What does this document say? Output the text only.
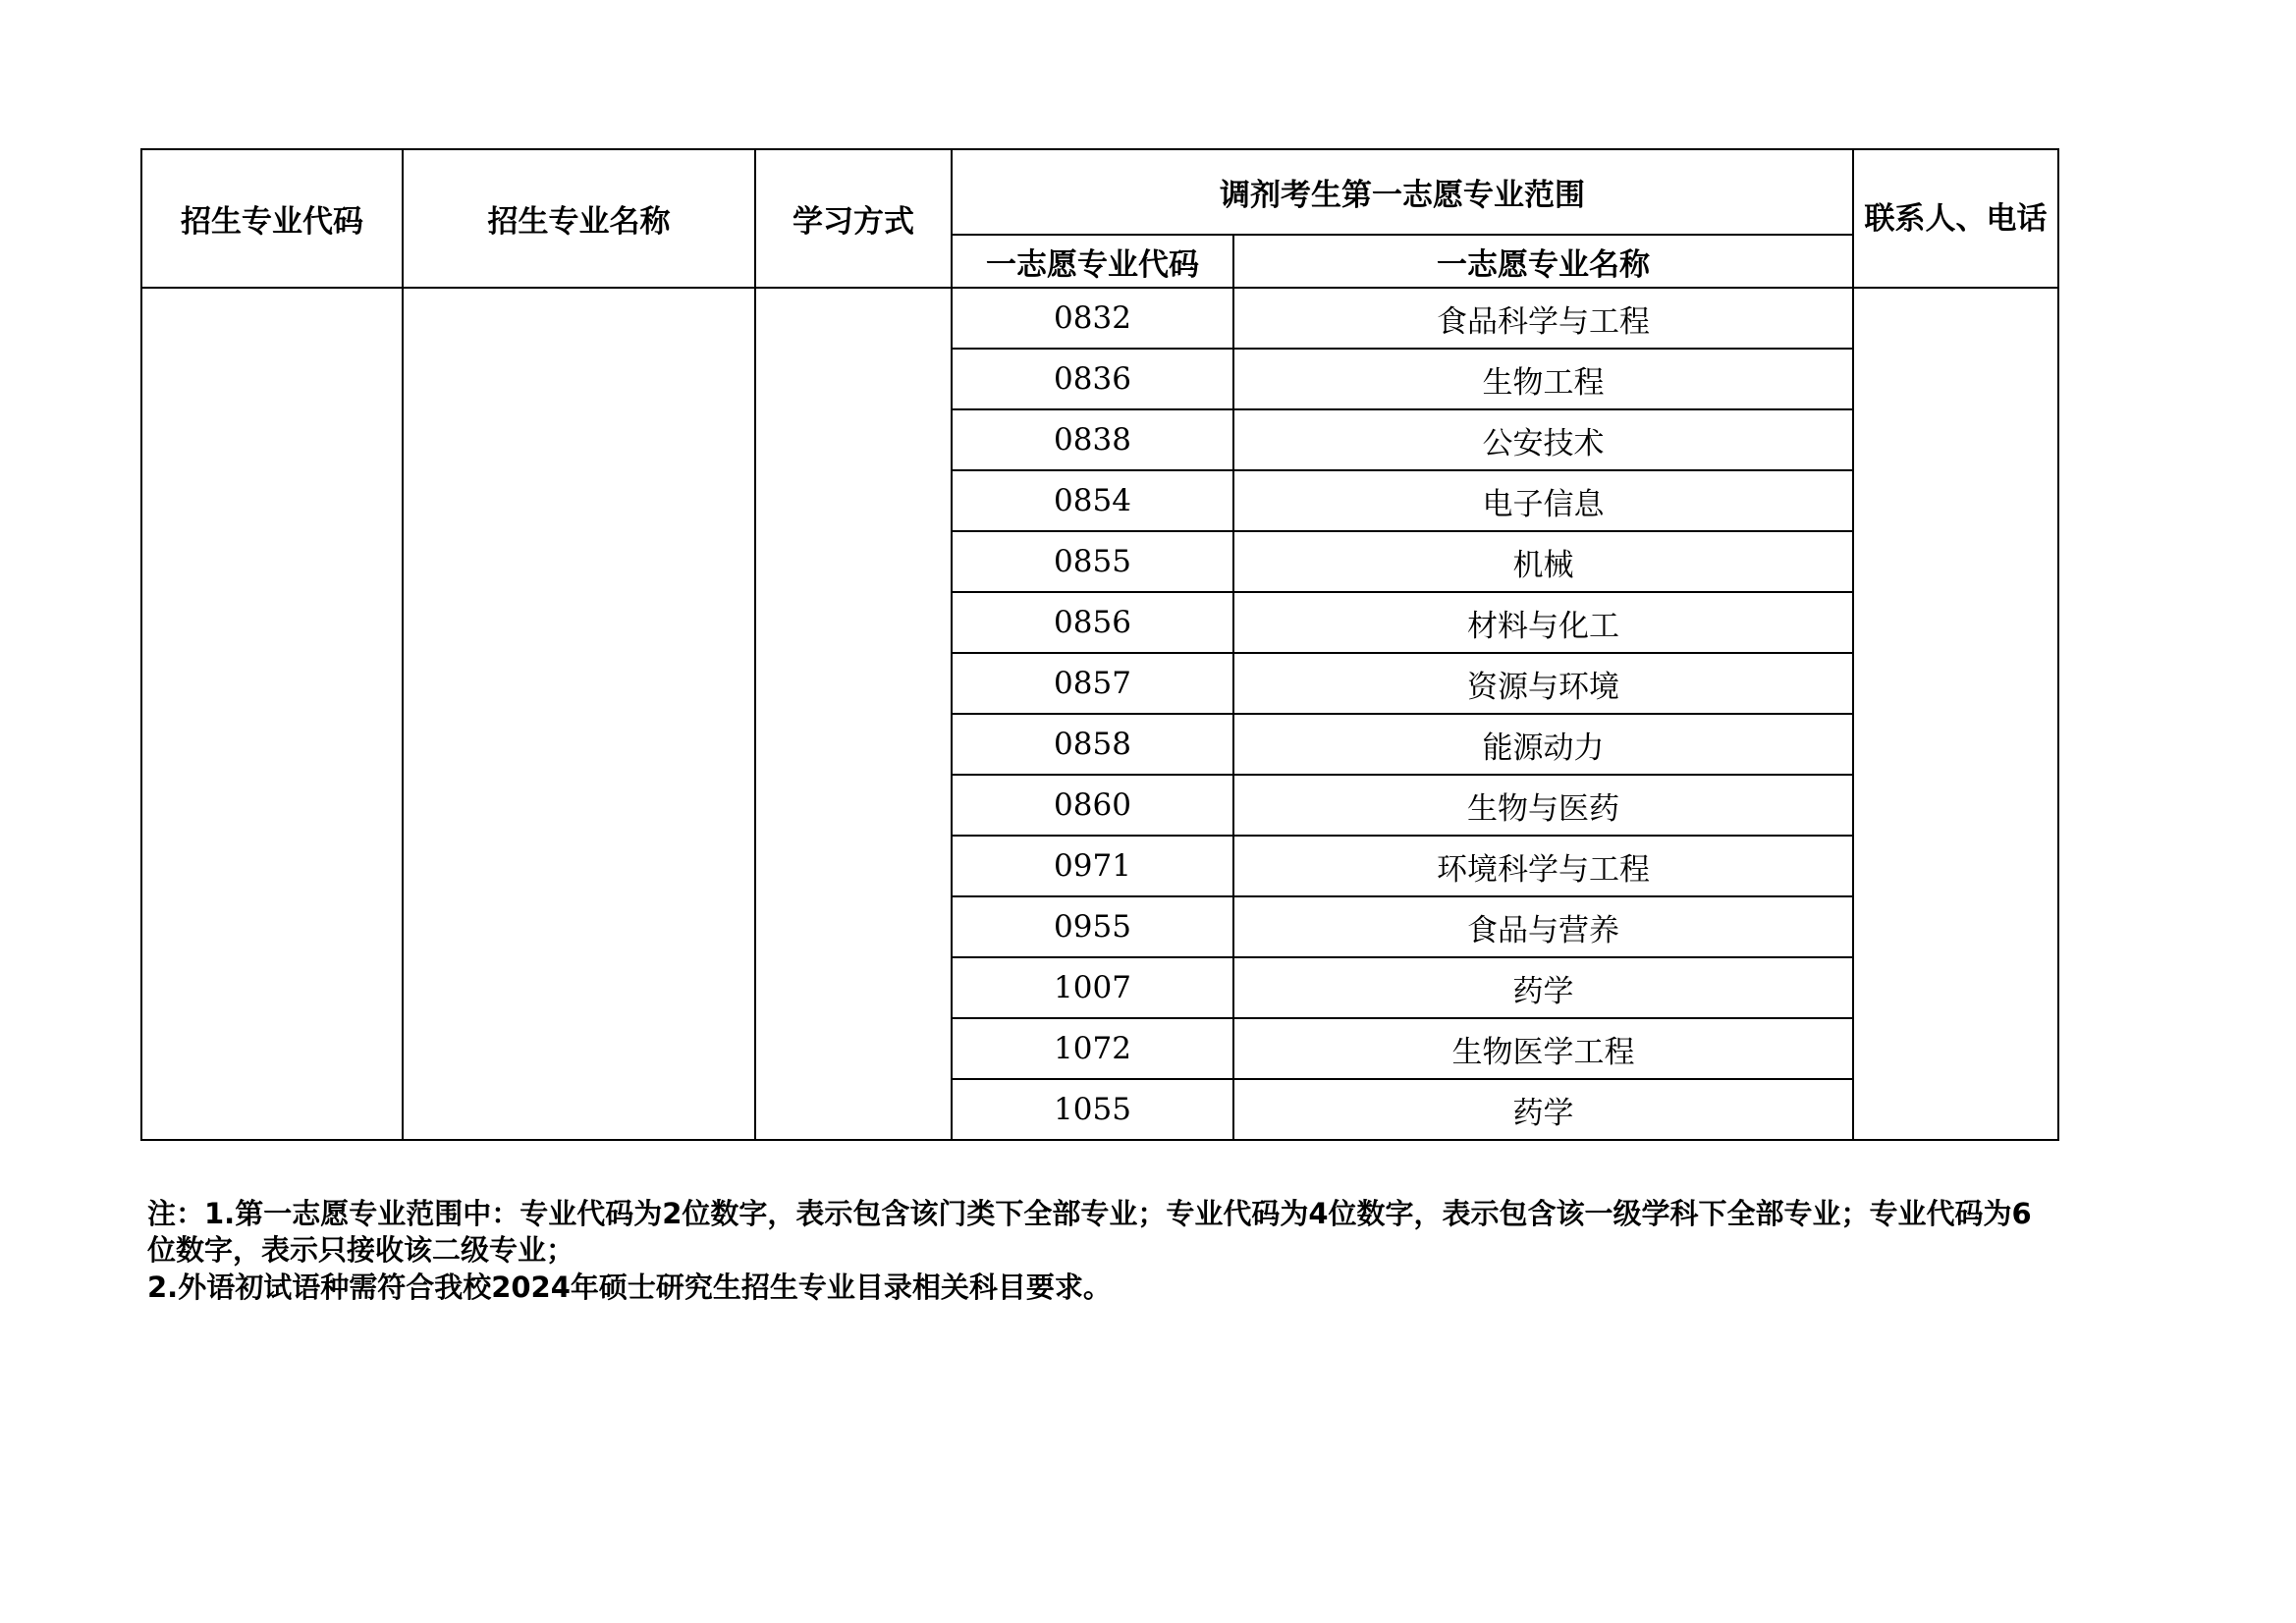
招生专业代码	招生专业名称	学习方式	调剂考生第一志愿专业范围		联系人、电话
			一志愿专业代码	一志愿专业名称	
			0832	食品科学与工程	
			0836	生物工程	
			0838	公安技术	
			0854	电子信息	
			0855	机械	
			0856	材料与化工	
			0857	资源与环境	
			0858	能源动力	
			0860	生物与医药	
			0971	环境科学与工程	
			0955	食品与营养	
			1007	药学	
			1072	生物医学工程	
			1055	药学	
注：1.第一志愿专业范围中：专业代码为2位数字，表示包含该门类下全部专业；专业代码为4位数字，表示包含该一级学科下全部专业；专业代码为6位数字，表示只接收该二级专业；
2.外语初试语种需符合我校2024年硕士研究生招生专业目录相关科目要求。
